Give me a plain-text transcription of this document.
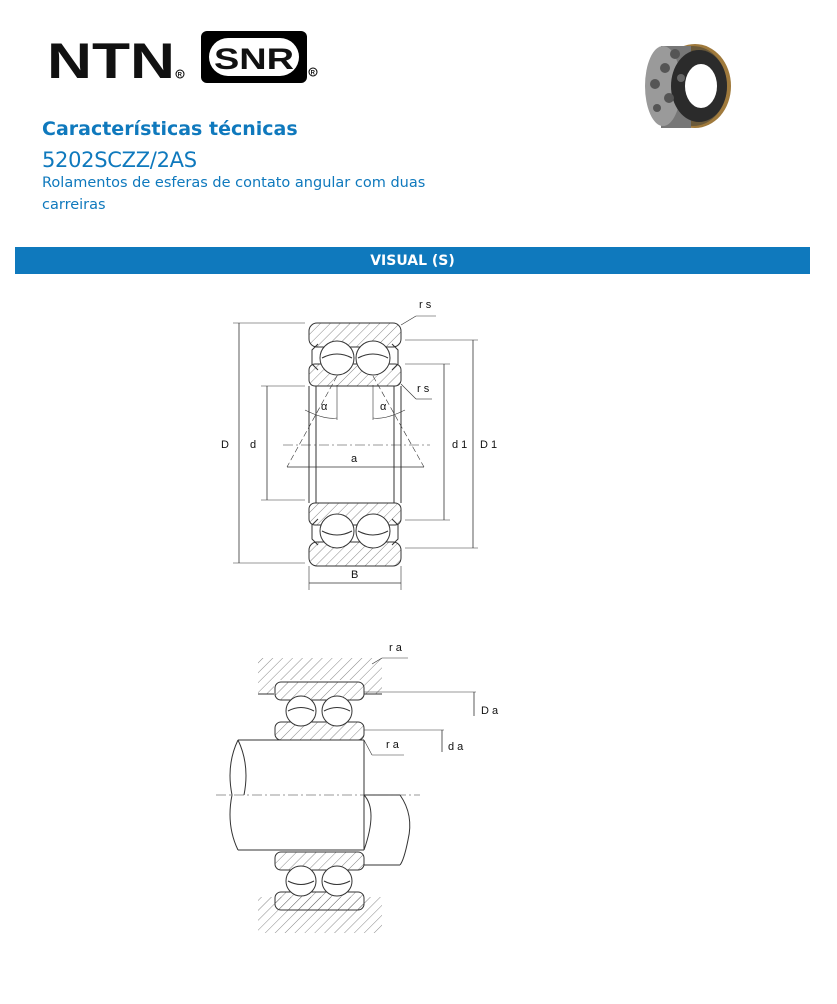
NTN R SNR	R
Características técnicas
5202SCZZ/2AS

Rolamentos de esferas de contato angular com duas carreiras

VISUAL (S)
r s
r s
α	α
D d
a
d 1 D 1
B
r a
r a
D a
d a
